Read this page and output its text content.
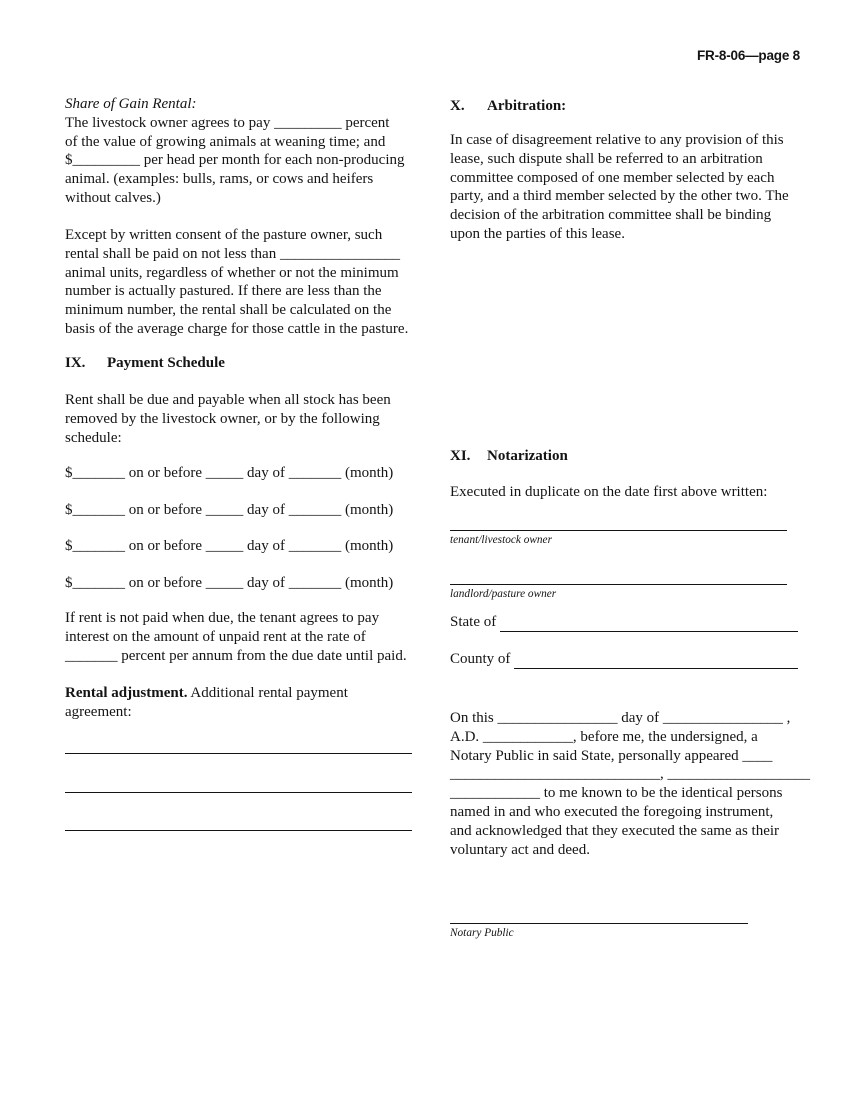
FR-8-06—page 8
Share of Gain Rental:
The livestock owner agrees to pay _________ percent
of the value of growing animals at weaning time; and
$_________ per head per month for each non-producing
animal. (examples: bulls, rams, or cows and heifers
without calves.)
Except by written consent of the pasture owner, such
rental shall be paid on not less than ________________
animal units, regardless of whether or not the minimum
number is actually pastured. If there are less than the
minimum number, the rental shall be calculated on the
basis of the average charge for those cattle in the pasture.
IX. Payment Schedule
Rent shall be due and payable when all stock has been
removed by the livestock owner, or by the following
schedule:
$_______ on or before _____ day of _______ (month)
$_______ on or before _____ day of _______ (month)
$_______ on or before _____ day of _______ (month)
$_______ on or before _____ day of _______ (month)
If rent is not paid when due, the tenant agrees to pay
interest on the amount of unpaid rent at the rate of
_______ percent per annum from the due date until paid.
Rental adjustment. Additional rental payment
agreement:
X. Arbitration:
In case of disagreement relative to any provision of this
lease, such dispute shall be referred to an arbitration
committee composed of one member selected by each
party, and a third member selected by the other two. The
decision of the arbitration committee shall be binding
upon the parties of this lease.
XI. Notarization
Executed in duplicate on the date first above written:
tenant/livestock owner
landlord/pasture owner
State of
County of
On this ________________ day of ________________ ,
A.D. ____________, before me, the undersigned, a
Notary Public in said State, personally appeared ____
____________________________, ___________________
____________ to me known to be the identical persons
named in and who executed the foregoing instrument,
and acknowledged that they executed the same as their
voluntary act and deed.
Notary Public
